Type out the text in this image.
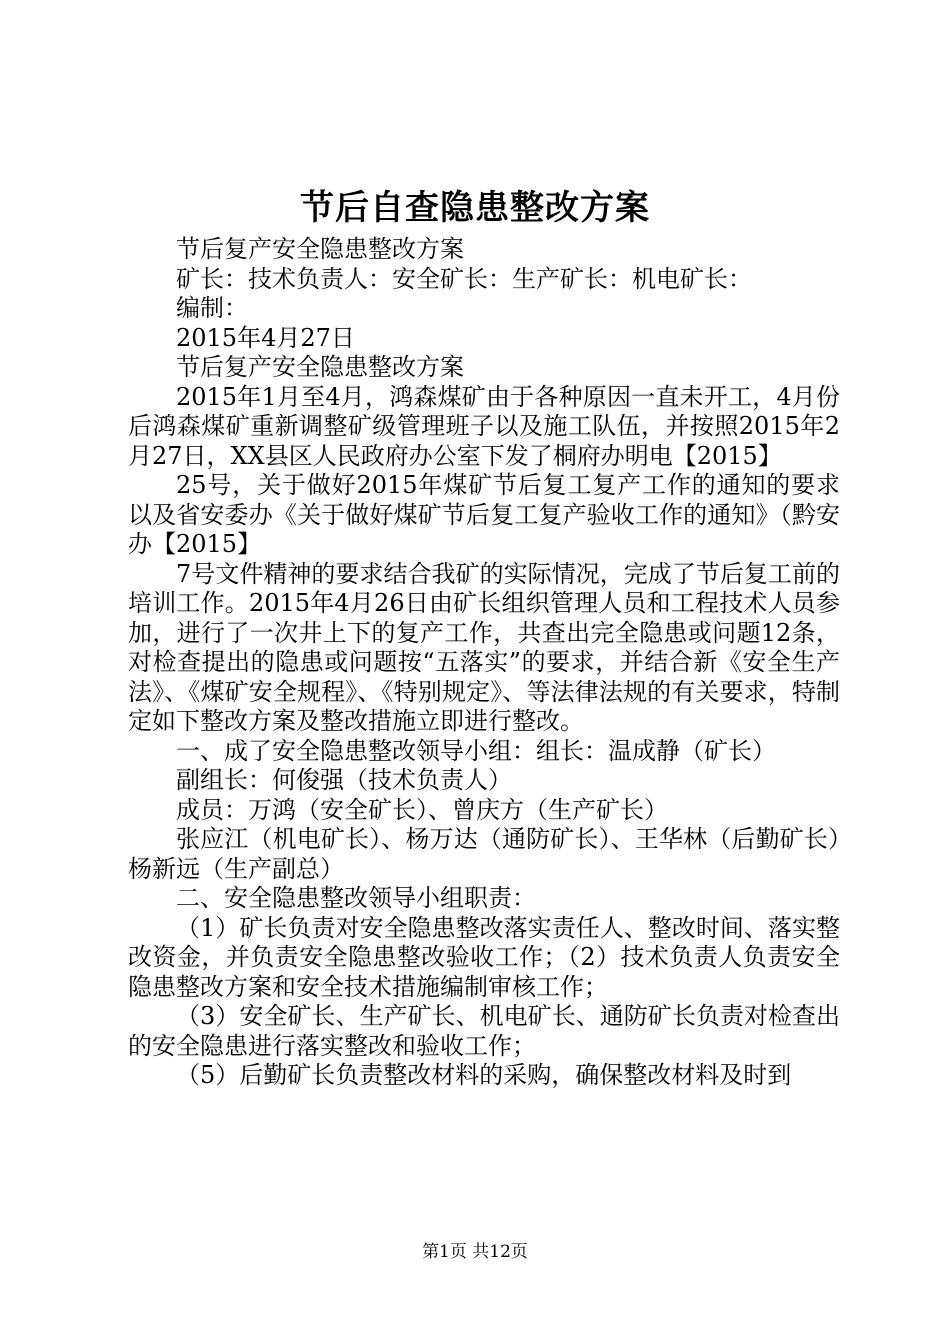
节后自查隐患整改方案

节后复产安全隐患整改方案

矿长：技术负责人：安全矿长：生产矿长：机电矿长：

编制：

2015年4月27日

节后复产安全隐患整改方案

2015年1月至4月，鸿森煤矿由于各种原因一直未开工，4月份后鸿森煤矿重新调整矿级管理班子以及施工队伍，并按照2015年2月27日，XX县区人民政府办公室下发了桐府办明电【2015】

25号，关于做好2015年煤矿节后复工复产工作的通知的要求以及省安委办《关于做好煤矿节后复工复产验收工作的通知》（黔安办【2015】

7号文件精神的要求结合我矿的实际情况，完成了节后复工前的培训工作。2015年4月26日由矿长组织管理人员和工程技术人员参加，进行了一次井上下的复产工作，共查出完全隐患或问题12条，对检查提出的隐患或问题按“五落实”的要求，并结合新《安全生产法》、《煤矿安全规程》、《特别规定》、等法律法规的有关要求，特制定如下整改方案及整改措施立即进行整改。

一、成了安全隐患整改领导小组：组长：温成静（矿长）

副组长：何俊强（技术负责人）

成员：万鸿（安全矿长）、曾庆方（生产矿长）

张应江（机电矿长）、杨万达（通防矿长）、王华林（后勤矿长）杨新远（生产副总）

二、安全隐患整改领导小组职责：

（1）矿长负责对安全隐患整改落实责任人、整改时间、落实整改资金，并负责安全隐患整改验收工作；（2）技术负责人负责安全隐患整改方案和安全技术措施编制审核工作；

（3）安全矿长、生产矿长、机电矿长、通防矿长负责对检查出的安全隐患进行落实整改和验收工作；

（5）后勤矿长负责整改材料的采购，确保整改材料及时到

第1页 共12页
